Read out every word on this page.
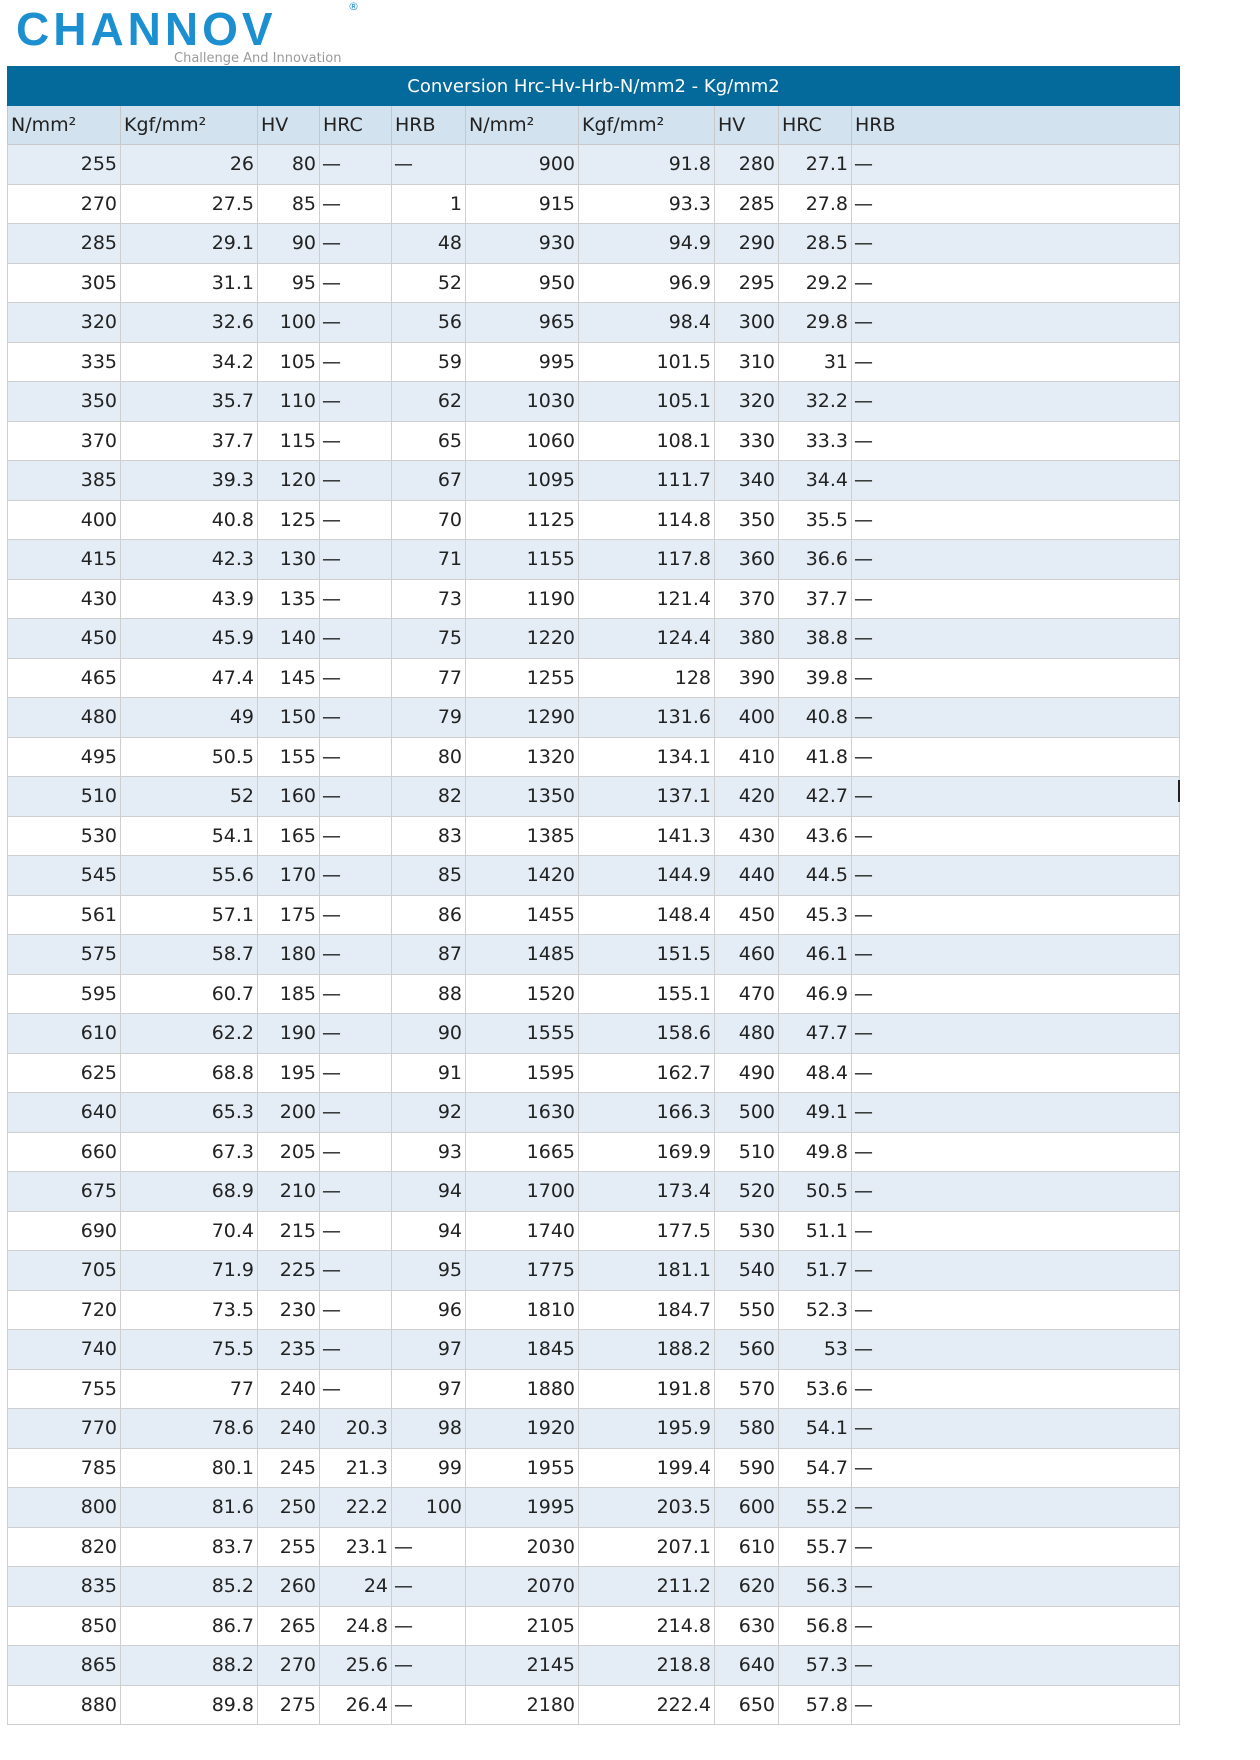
CHANNOV	®
Challenge And Innovation
Conversion Hrc-Hv-Hrb-N/mm2 - Kg/mm2									
N/mm²	Kgf/mm²	HV	HRC	HRB	N/mm²	Kgf/mm²	HV	HRC	HRB
255	26	80	—	—	900	91.8	280	27.1	—
270	27.5	85	—	1	915	93.3	285	27.8	—
285	29.1	90	—	48	930	94.9	290	28.5	—
305	31.1	95	—	52	950	96.9	295	29.2	—
320	32.6	100	—	56	965	98.4	300	29.8	—
335	34.2	105	—	59	995	101.5	310	31	—
350	35.7	110	—	62	1030	105.1	320	32.2	—
370	37.7	115	—	65	1060	108.1	330	33.3	—
385	39.3	120	—	67	1095	111.7	340	34.4	—
400	40.8	125	—	70	1125	114.8	350	35.5	—
415	42.3	130	—	71	1155	117.8	360	36.6	—
430	43.9	135	—	73	1190	121.4	370	37.7	—
450	45.9	140	—	75	1220	124.4	380	38.8	—
465	47.4	145	—	77	1255	128	390	39.8	—
480	49	150	—	79	1290	131.6	400	40.8	—
495	50.5	155	—	80	1320	134.1	410	41.8	—
510	52	160	—	82	1350	137.1	420	42.7	—
530	54.1	165	—	83	1385	141.3	430	43.6	—
545	55.6	170	—	85	1420	144.9	440	44.5	—
561	57.1	175	—	86	1455	148.4	450	45.3	—
575	58.7	180	—	87	1485	151.5	460	46.1	—
595	60.7	185	—	88	1520	155.1	470	46.9	—
610	62.2	190	—	90	1555	158.6	480	47.7	—
625	68.8	195	—	91	1595	162.7	490	48.4	—
640	65.3	200	—	92	1630	166.3	500	49.1	—
660	67.3	205	—	93	1665	169.9	510	49.8	—
675	68.9	210	—	94	1700	173.4	520	50.5	—
690	70.4	215	—	94	1740	177.5	530	51.1	—
705	71.9	225	—	95	1775	181.1	540	51.7	—
720	73.5	230	—	96	1810	184.7	550	52.3	—
740	75.5	235	—	97	1845	188.2	560	53	—
755	77	240	—	97	1880	191.8	570	53.6	—
770	78.6	240	20.3	98	1920	195.9	580	54.1	—
785	80.1	245	21.3	99	1955	199.4	590	54.7	—
800	81.6	250	22.2	100	1995	203.5	600	55.2	—
820	83.7	255	23.1	—	2030	207.1	610	55.7	—
835	85.2	260	24	—	2070	211.2	620	56.3	—
850	86.7	265	24.8	—	2105	214.8	630	56.8	—
865	88.2	270	25.6	—	2145	218.8	640	57.3	—
880	89.8	275	26.4	—	2180	222.4	650	57.8	—
